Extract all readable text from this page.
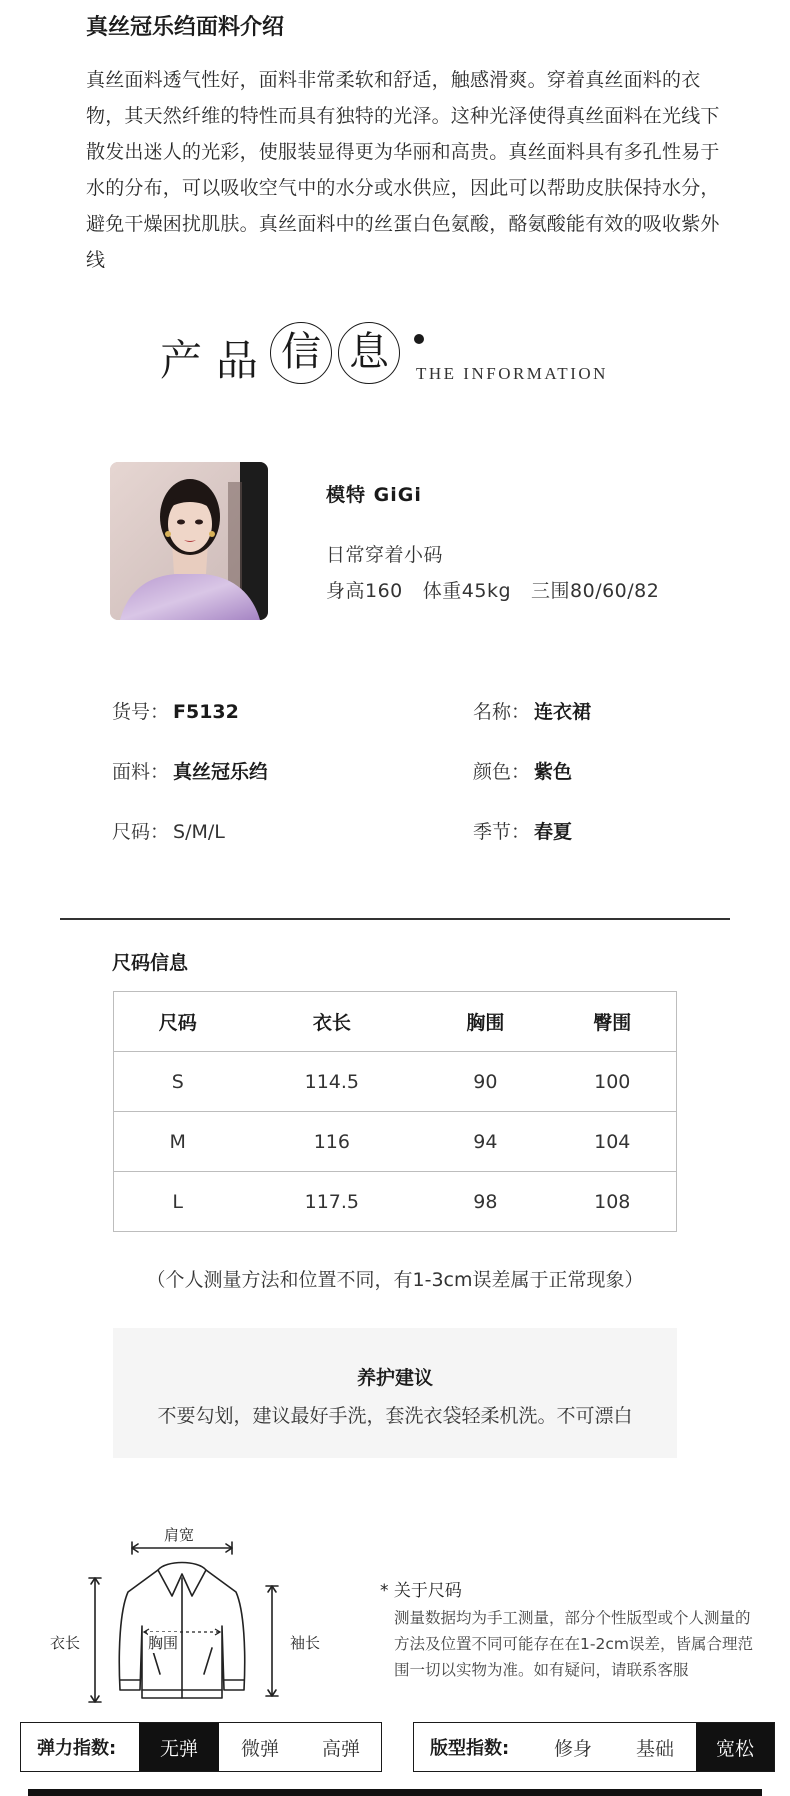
真丝冠乐绉面料介绍
真丝面料透气性好，面料非常柔软和舒适，触感滑爽。穿着真丝面料的衣物，其天然纤维的特性而具有独特的光泽。这种光泽使得真丝面料在光线下散发出迷人的光彩，使服装显得更为华丽和高贵。真丝面料具有多孔性易于水的分布，可以吸收空气中的水分或水供应，因此可以帮助皮肤保持水分，避免干燥困扰肌肤。真丝面料中的丝蛋白色氨酸，酪氨酸能有效的吸收紫外线
产 品 信 息	THE INFORMATION
模特 GiGi
日常穿着小码
身高160 体重45kg 三围80/60/82
货号： F5132	名称： 连衣裙
面料： 真丝冠乐绉	颜色： 紫色
尺码： S/M/L	季节： 春夏
尺码信息
尺码	衣长	胸围	臀围
S	114.5	90	100
M	116	94	104
L	117.5	98	108
（个人测量方法和位置不同，有1-3cm误差属于正常现象）
养护建议
不要勾划，建议最好手洗，套洗衣袋轻柔机洗。不可漂白
肩宽
衣长	胸围	袖长
* 关于尺码
测量数据均为手工测量，部分个性版型或个人测量的方法及位置不同可能存在在1-2cm误差，皆属合理范围一切以实物为准。如有疑问，请联系客服
弹力指数:	无弹	微弹	高弹	版型指数:	修身	基础	宽松
